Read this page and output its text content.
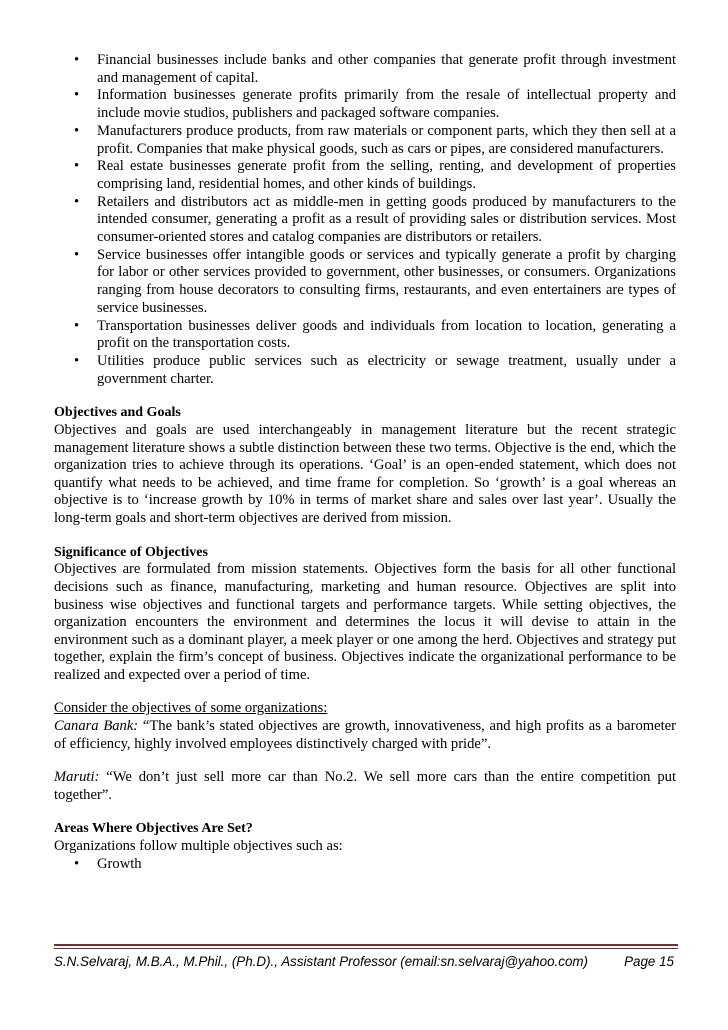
• Financial businesses include banks and other companies that generate profit through investment and management of capital.
• Information businesses generate profits primarily from the resale of intellectual property and include movie studios, publishers and packaged software companies.
• Manufacturers produce products, from raw materials or component parts, which they then sell at a profit. Companies that make physical goods, such as cars or pipes, are considered manufacturers.
• Real estate businesses generate profit from the selling, renting, and development of properties comprising land, residential homes, and other kinds of buildings.
• Retailers and distributors act as middle-men in getting goods produced by manufacturers to the intended consumer, generating a profit as a result of providing sales or distribution services. Most consumer-oriented stores and catalog companies are distributors or retailers.
• Service businesses offer intangible goods or services and typically generate a profit by charging for labor or other services provided to government, other businesses, or consumers. Organizations ranging from house decorators to consulting firms, restaurants, and even entertainers are types of service businesses.
• Transportation businesses deliver goods and individuals from location to location, generating a profit on the transportation costs.
• Utilities produce public services such as electricity or sewage treatment, usually under a government charter.

Objectives and Goals

Objectives and goals are used interchangeably in management literature but the recent strategic management literature shows a subtle distinction between these two terms. Objective is the end, which the organization tries to achieve through its operations. ‘Goal’ is an open-ended statement, which does not quantify what needs to be achieved, and time frame for completion. So ‘growth’ is a goal whereas an objective is to ‘increase growth by 10% in terms of market share and sales over last year’. Usually the long-term goals and short-term objectives are derived from mission.

Significance of Objectives

Objectives are formulated from mission statements. Objectives form the basis for all other functional decisions such as finance, manufacturing, marketing and human resource. Objectives are split into business wise objectives and functional targets and performance targets. While setting objectives, the organization encounters the environment and determines the locus it will devise to attain in the environment such as a dominant player, a meek player or one among the herd. Objectives and strategy put together, explain the firm’s concept of business. Objectives indicate the organizational performance to be realized and expected over a period of time.

Consider the objectives of some organizations:

Canara Bank: “The bank’s stated objectives are growth, innovativeness, and high profits as a barometer of efficiency, highly involved employees distinctively charged with pride”.

Maruti: “We don’t just sell more car than No.2. We sell more cars than the entire competition put together”.

Areas Where Objectives Are Set?

Organizations follow multiple objectives such as:

• Growth
S.N.Selvaraj, M.B.A., M.Phil., (Ph.D)., Assistant Professor (email:sn.selvaraj@yahoo.com)	Page 15
